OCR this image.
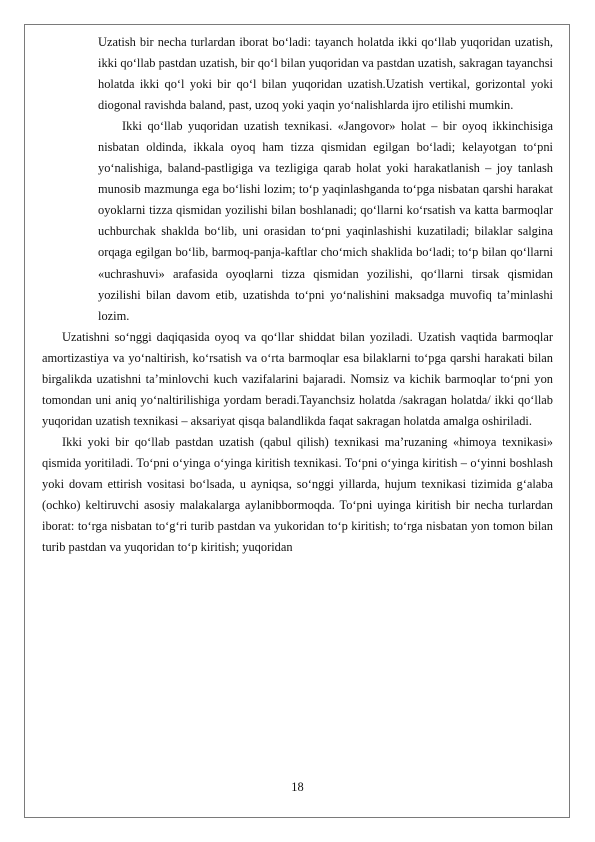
Uzatish bir necha turlardan iborat bo‘ladi: tayanch holatda ikki qo‘llab yuqoridan uzatish, ikki qo‘llab pastdan uzatish, bir qo‘l bilan yuqoridan va pastdan uzatish, sakragan tayanchsi holatda ikki qo‘l yoki bir qo‘l bilan yuqoridan uzatish.Uzatish vertikal, gorizontal yoki diogonal ravishda baland, past, uzoq yoki yaqin yo‘nalishlarda ijro etilishi mumkin.

Ikki qo‘llab yuqoridan uzatish texnikasi. «Jangovor» holat – bir oyoq ikkinchisiga nisbatan oldinda, ikkala oyoq ham tizza qismidan egilgan bo‘ladi; kelayotgan to‘pni yo‘nalishiga, baland-pastligiga va tezligiga qarab holat yoki harakatlanish – joy tanlash munosib mazmunga ega bo‘lishi lozim; to‘p yaqinlashganda to‘pga nisbatan qarshi harakat oyoklarni tizza qismidan yozilishi bilan boshlanadi; qo‘llarni ko‘rsatish va katta barmoqlar uchburchak shaklda bo‘lib, uni orasidan to‘pni yaqinlashishi kuzatiladi; bilaklar salgina orqaga egilgan bo‘lib, barmoq-panja-kaftlar cho‘mich shaklida bo‘ladi; to‘p bilan qo‘llarni «uchrashuvi» arafasida oyoqlarni tizza qismidan yozilishi, qo‘llarni tirsak qismidan yozilishi bilan davom etib, uzatishda to‘pni yo‘nalishini maksadga muvofiq ta’minlashi lozim.

Uzatishni so‘nggi daqiqasida oyoq va qo‘llar shiddat bilan yoziladi. Uzatish vaqtida barmoqlar amortizastiya va yo‘naltirish, ko‘rsatish va o‘rta barmoqlar esa bilaklarni to‘pga qarshi harakati bilan birgalikda uzatishni ta’minlovchi kuch vazifalarini bajaradi. Nomsiz va kichik barmoqlar to‘pni yon tomondan uni aniq yo‘naltirilishiga yordam beradi.Tayanchsiz holatda /sakragan holatda/ ikki qo‘llab yuqoridan uzatish texnikasi – aksariyat qisqa balandlikda faqat sakragan holatda amalga oshiriladi.

Ikki yoki bir qo‘llab pastdan uzatish (qabul qilish) texnikasi ma’ruzaning «himoya texnikasi» qismida yoritiladi. To‘pni o‘yinga o‘yinga kiritish texnikasi. To‘pni o‘yinga kiritish – o‘yinni boshlash yoki dovam ettirish vositasi bo‘lsada, u ayniqsa, so‘nggi yillarda, hujum texnikasi tizimida g‘alaba (ochko) keltiruvchi asosiy malakalarga aylanibbormoqda. To‘pni uyinga kiritish bir necha turlardan iborat: to‘rga nisbatan to‘g‘ri turib pastdan va yukoridan to‘p kiritish; to‘rga nisbatan yon tomon bilan turib pastdan va yuqoridan to‘p kiritish; yuqoridan

18
